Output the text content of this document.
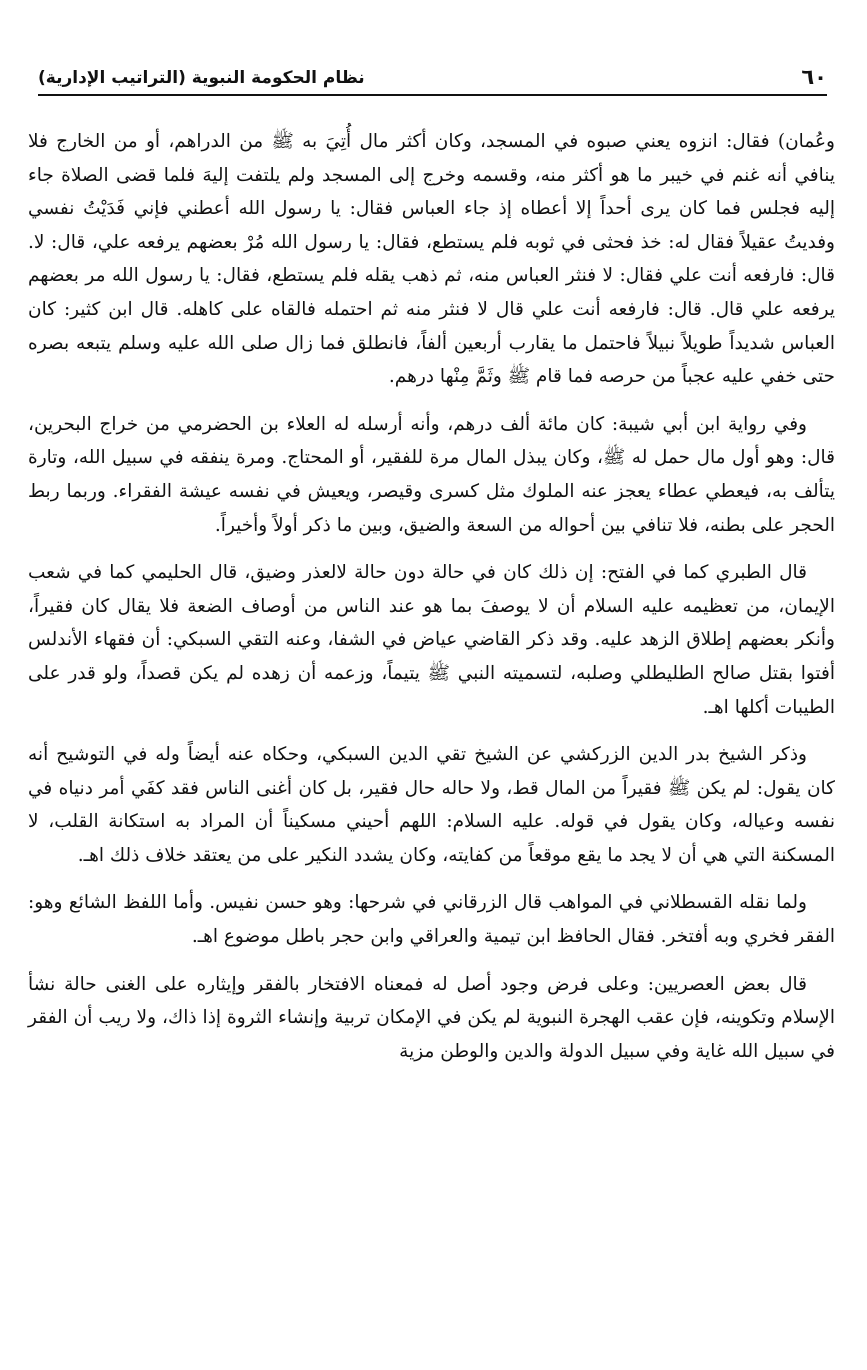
٦٠
نظام الحكومة النبوية (التراتيب الإدارية)

وعُمان) فقال: انزوه يعني صبوه في المسجد، وكان أكثر مال أُتِيَ به ﷺ من الدراهم، أو من الخارج فلا ينافي أنه غنم في خيبر ما هو أكثر منه، وقسمه وخرج إلى المسجد ولم يلتفت إليهَ فلما قضى الصلاة جاء إليه فجلس فما كان يرى أحداً إلا أعطاه إذ جاء العباس فقال: يا رسول الله أعطني فإني فَدَيْتُ نفسي وفديتُ عقيلاً فقال له: خذ فحثى في ثوبه فلم يستطع، فقال: يا رسول الله مُرْ بعضهم يرفعه علي، قال: لا. قال: فارفعه أنت علي فقال: لا فنثر العباس منه، ثم ذهب يقله فلم يستطع، فقال: يا رسول الله مر بعضهم يرفعه علي قال. قال: فارفعه أنت علي قال لا فنثر منه ثم احتمله فالقاه على كاهله. قال ابن كثير: كان العباس شديداً طويلاً نبيلاً فاحتمل ما يقارب أربعين ألفاً، فانطلق فما زال صلى الله عليه وسلم يتبعه بصره حتى خفي عليه عجباً من حرصه فما قام ﷺ وثَمَّ مِنْها درهم.

وفي رواية ابن أبي شيبة: كان مائة ألف درهم، وأنه أرسله له العلاء بن الحضرمي من خراج البحرين، قال: وهو أول مال حمل له ﷺ، وكان يبذل المال مرة للفقير، أو المحتاج. ومرة ينفقه في سبيل الله، وتارة يتألف به، فيعطي عطاء يعجز عنه الملوك مثل كسرى وقيصر، ويعيش في نفسه عيشة الفقراء. وربما ربط الحجر على بطنه، فلا تنافي بين أحواله من السعة والضيق، وبين ما ذكر أولاً وأخيراً.

قال الطبري كما في الفتح: إن ذلك كان في حالة دون حالة لالعذر وضيق، قال الحليمي كما في شعب الإيمان، من تعظيمه عليه السلام أن لا يوصفَ بما هو عند الناس من أوصاف الضعة فلا يقال كان فقيراً، وأنكر بعضهم إطلاق الزهد عليه. وقد ذكر القاضي عياض في الشفا، وعنه التقي السبكي: أن فقهاء الأندلس أفتوا بقتل صالح الطليطلي وصلبه، لتسميته النبي ﷺ يتيماً، وزعمه أن زهده لم يكن قصداً، ولو قدر على الطيبات أكلها اهـ.

وذكر الشيخ بدر الدين الزركشي عن الشيخ تقي الدين السبكي، وحكاه عنه أيضاً وله في التوشيح أنه كان يقول: لم يكن ﷺ فقيراً من المال قط، ولا حاله حال فقير، بل كان أغنى الناس فقد كفَي أمر دنياه في نفسه وعياله، وكان يقول في قوله. عليه السلام: اللهم أحيني مسكيناً أن المراد به استكانة القلب، لا المسكنة التي هي أن لا يجد ما يقع موقعاً من كفايته، وكان يشدد النكير على من يعتقد خلاف ذلك اهـ.

ولما نقله القسطلاني في المواهب قال الزرقاني في شرحها: وهو حسن نفيس. وأما اللفظ الشائع وهو: الفقر فخري وبه أفتخر. فقال الحافظ ابن تيمية والعراقي وابن حجر باطل موضوع اهـ.

قال بعض العصريين: وعلى فرض وجود أصل له فمعناه الافتخار بالفقر وإيثاره على الغنى حالة نشأ الإسلام وتكوينه، فإن عقب الهجرة النبوية لم يكن في الإمكان تربية وإنشاء الثروة إذا ذاك، ولا ريب أن الفقر في سبيل الله غاية وفي سبيل الدولة والدين والوطن مزية
